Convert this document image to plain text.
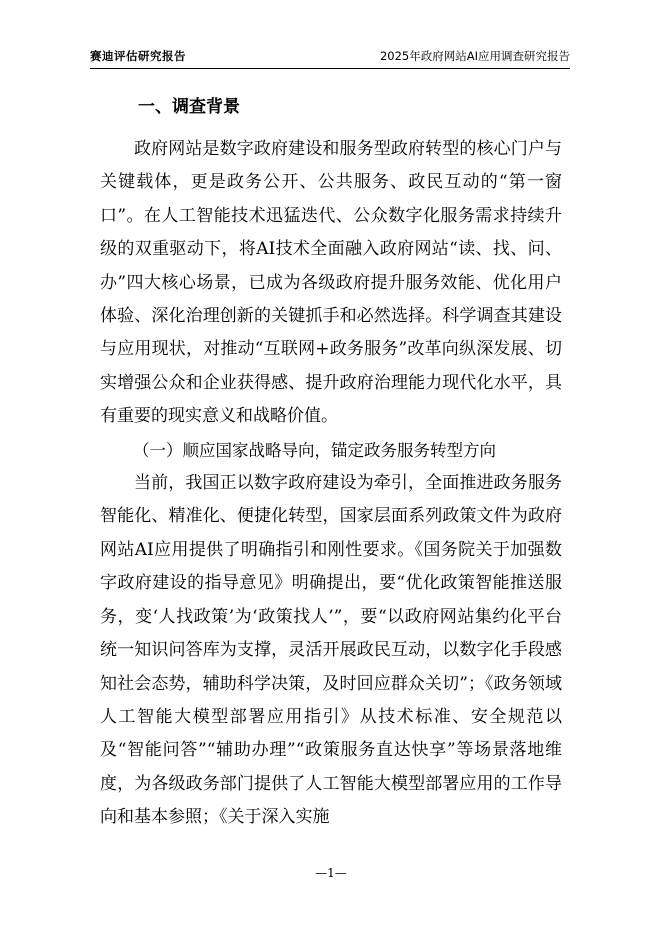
赛迪评估研究报告	2025年政府网站AI应用调查研究报告
一、调查背景

政府网站是数字政府建设和服务型政府转型的核心门户与关键载体，更是政务公开、公共服务、政民互动的“第一窗口”。在人工智能技术迅猛迭代、公众数字化服务需求持续升级的双重驱动下，将AI技术全面融入政府网站“读、找、问、办”四大核心场景，已成为各级政府提升服务效能、优化用户体验、深化治理创新的关键抓手和必然选择。科学调查其建设与应用现状，对推动“互联网+政务服务”改革向纵深发展、切实增强公众和企业获得感、提升政府治理能力现代化水平，具有重要的现实意义和战略价值。

（一）顺应国家战略导向，锚定政务服务转型方向

当前，我国正以数字政府建设为牵引，全面推进政务服务智能化、精准化、便捷化转型，国家层面系列政策文件为政府网站AI应用提供了明确指引和刚性要求。《国务院关于加强数字政府建设的指导意见》明确提出，要“优化政策智能推送服务，变‘人找政策’为‘政策找人’”，要“以政府网站集约化平台统一知识问答库为支撑，灵活开展政民互动，以数字化手段感知社会态势，辅助科学决策，及时回应群众关切”；《政务领域人工智能大模型部署应用指引》从技术标准、安全规范以及“智能问答”“辅助办理”“政策服务直达快享”等场景落地维度，为各级政务部门提供了人工智能大模型部署应用的工作导向和基本参照；《关于深入实施

—1—
